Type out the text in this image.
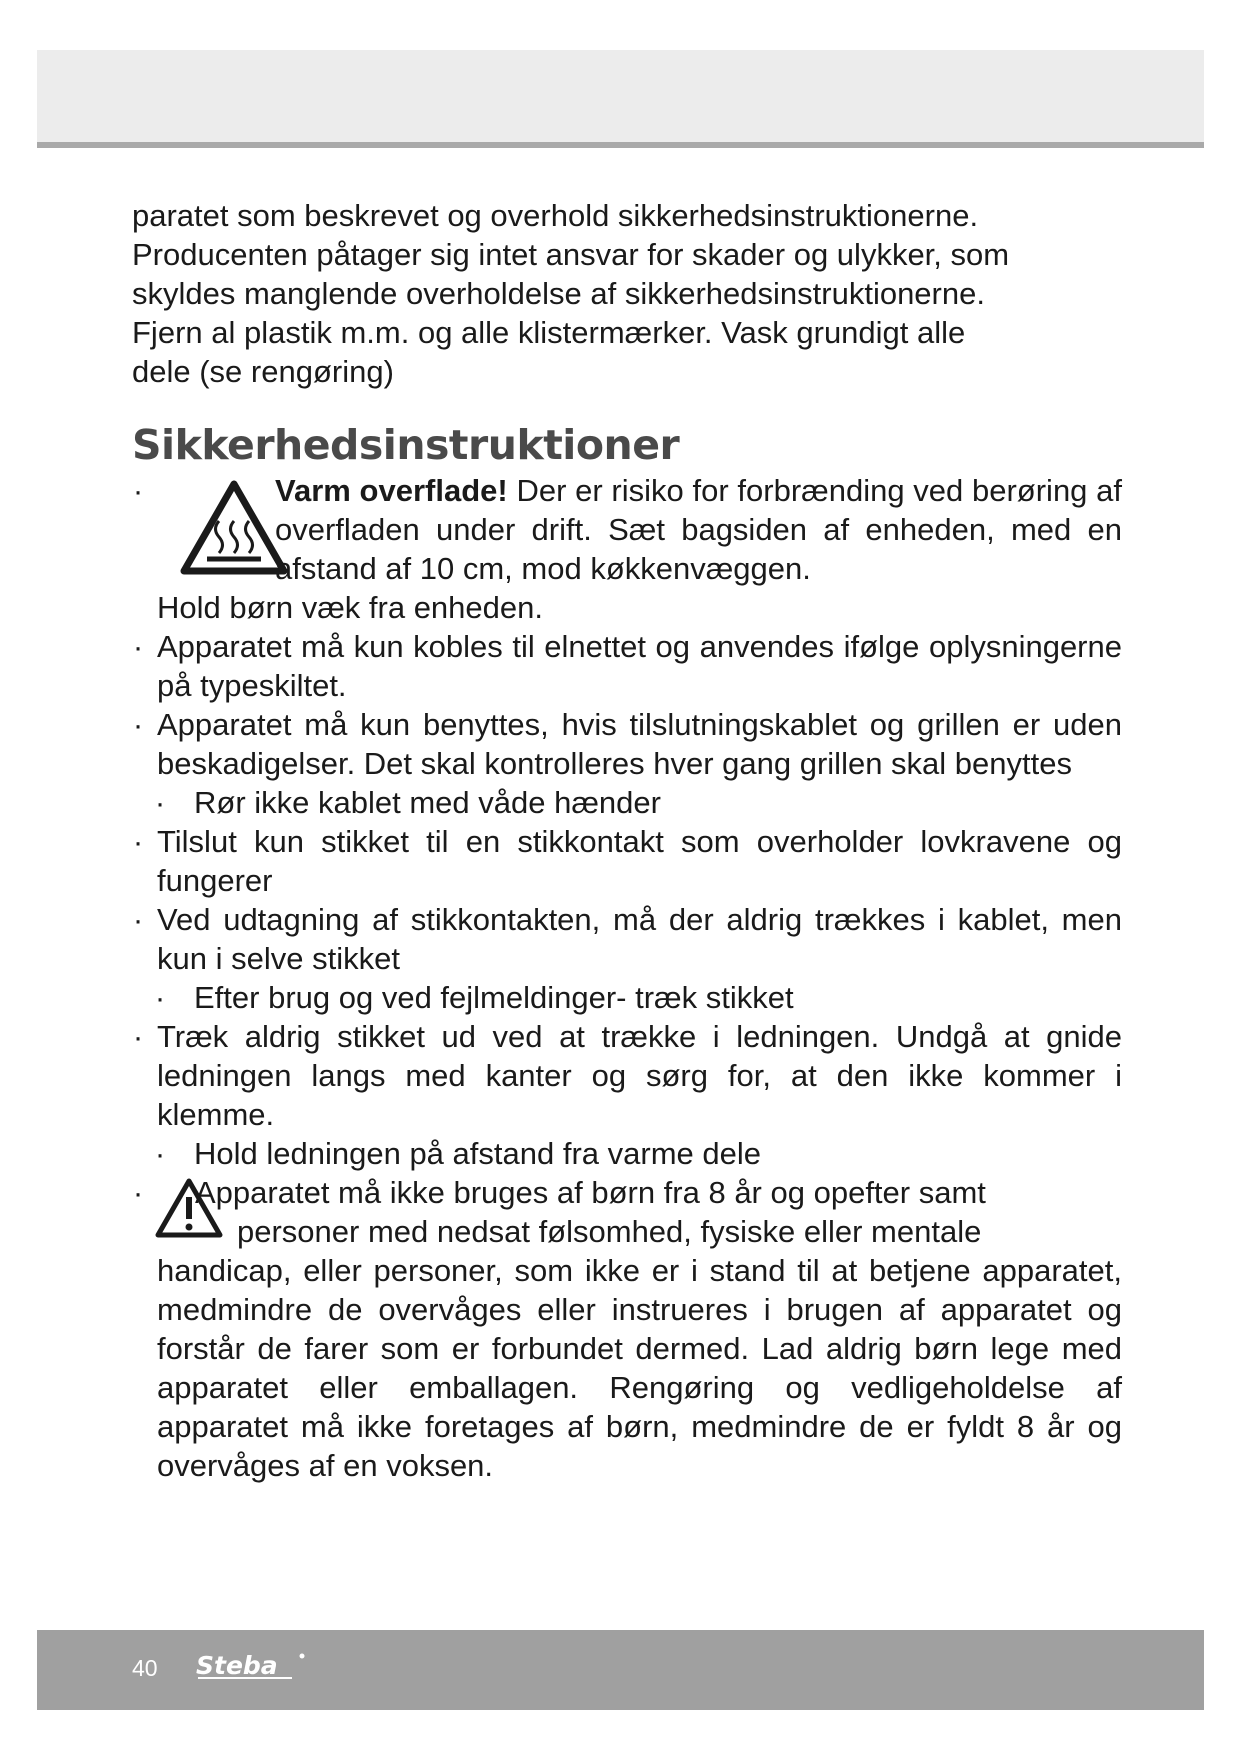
paratet som beskrevet og overhold sikkerhedsinstruktionerne.
Producenten påtager sig intet ansvar for skader og ulykker, som
skyldes manglende overholdelse af sikkerhedsinstruktionerne.
Fjern al plastik m.m. og alle klistermærker. Vask grundigt alle
dele (se rengøring)
Sikkerhedsinstruktioner
·	Varm overflade! Der er risiko for forbrænding ved berøring af overfladen under drift. Sæt bagsiden af enheden, med en afstand af 10 cm, mod køkkenvæggen.
Hold børn væk fra enheden.
· Apparatet må kun kobles til elnettet og anvendes ifølge oplysningerne på typeskiltet.
· Apparatet må kun benyttes, hvis tilslutningskablet og grillen er uden beskadigelser. Det skal kontrolleres hver gang grillen skal benyttes
· Rør ikke kablet med våde hænder
· Tilslut kun stikket til en stikkontakt som overholder lovkravene og fungerer
· Ved udtagning af stikkontakten, må der aldrig trækkes i kablet, men kun i selve stikket
· Efter brug og ved fejlmeldinger- træk stikket
· Træk aldrig stikket ud ved at trække i ledningen. Undgå at gnide ledningen langs med kanter og sørg for, at den ikke kommer i klemme.
· Hold ledningen på afstand fra varme dele
·	Apparatet må ikke bruges af børn fra 8 år og opefter samt
personer med nedsat følsomhed, fysiske eller mentale
handicap, eller personer, som ikke er i stand til at betjene apparatet, medmindre de overvåges eller instrueres i brugen af apparatet og forstår de farer som er forbundet dermed. Lad aldrig børn lege med apparatet eller emballagen. Rengøring og vedligeholdelse af apparatet må ikke foretages af børn, medmindre de er fyldt 8 år og overvåges af en voksen.
40 Steba
